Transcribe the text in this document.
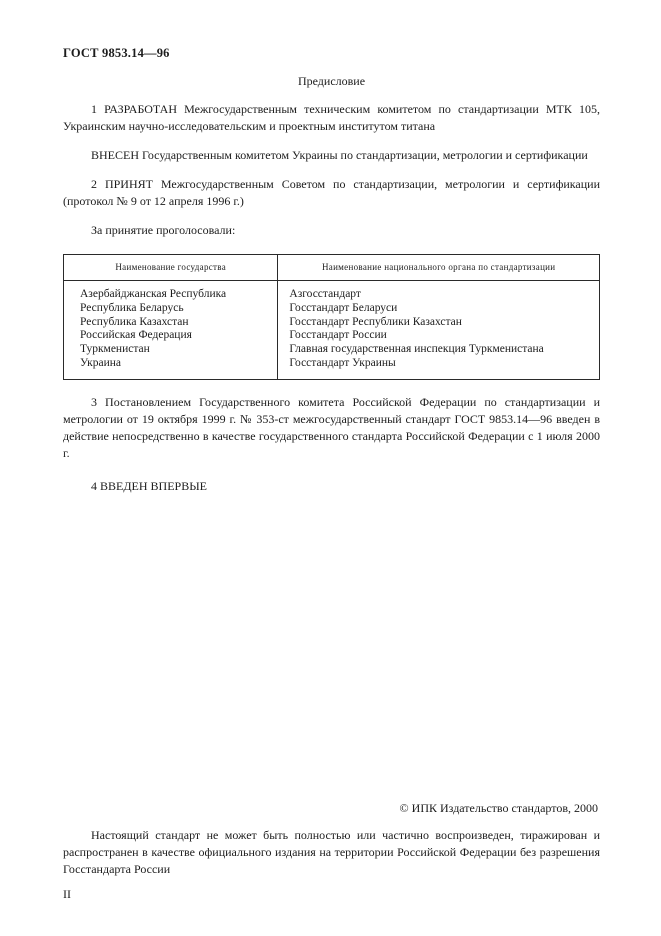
ГОСТ 9853.14—96
Предисловие

1 РАЗРАБОТАН Межгосударственным техническим комитетом по стандартизации МТК 105, Украинским научно-исследовательским и проектным институтом титана

ВНЕСЕН Государственным комитетом Украины по стандартизации, метрологии и сертификации

2 ПРИНЯТ Межгосударственным Советом по стандартизации, метрологии и сертификации (протокол № 9 от 12 апреля 1996 г.)

За принятие проголосовали:

Наименование государства	Наименование национального органа по стандартизации
Азербайджанская Республика	Азгосстандарт
Республика Беларусь	Госстандарт Беларуси
Республика Казахстан	Госстандарт Республики Казахстан
Российская Федерация	Госстандарт России
Туркменистан	Главная государственная инспекция Туркменистана
Украина	Госстандарт Украины

3 Постановлением Государственного комитета Российской Федерации по стандартизации и метрологии от 19 октября 1999 г. № 353-ст межгосударственный стандарт ГОСТ 9853.14—96 введен в действие непосредственно в качестве государственного стандарта Российской Федерации с 1 июля 2000 г.

4 ВВЕДЕН ВПЕРВЫЕ

© ИПК Издательство стандартов, 2000

Настоящий стандарт не может быть полностью или частично воспроизведен, тиражирован и распространен в качестве официального издания на территории Российской Федерации без разрешения Госстандарта России

II
